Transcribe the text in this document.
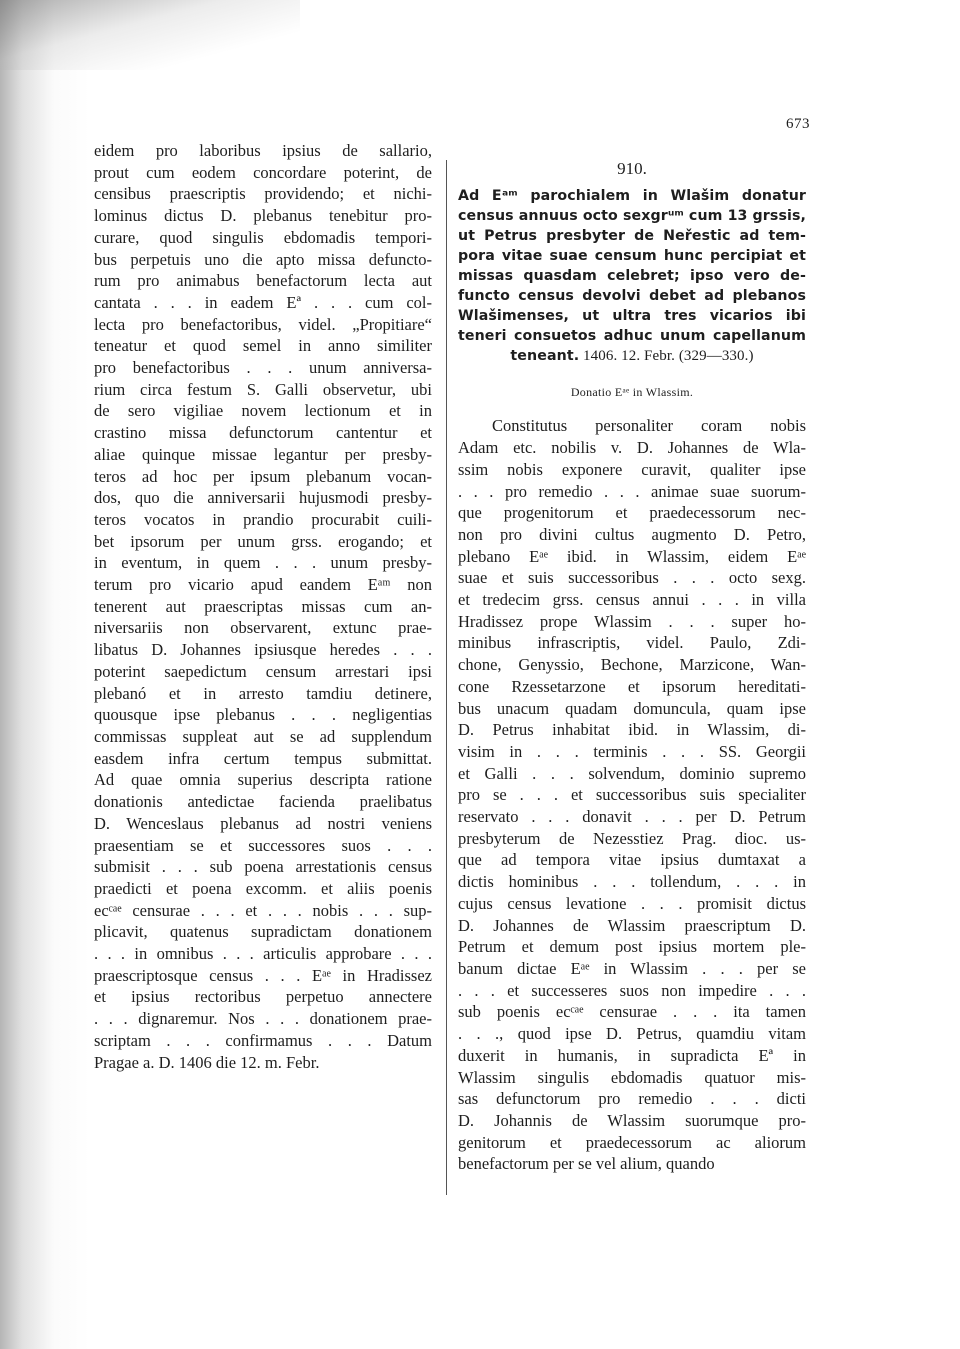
673

eidem pro laboribus ipsius de sallario,
prout cum eodem concordare poterint, de
censibus praescriptis providendo; et nichi-
lominus dictus D. plebanus tenebitur pro-
curare, quod singulis ebdomadis tempori-
bus perpetuis uno die apto missa defuncto-
rum pro animabus benefactorum lecta aut
cantata . . . in eadem Eª . . . cum col-
lecta pro benefactoribus, videl. „Propitiare“
teneatur et quod semel in anno similiter
pro benefactoribus . . . unum anniversa-
rium circa festum S. Galli observetur, ubi
de sero vigiliae novem lectionum et in
crastino missa defunctorum cantentur et
aliae quinque missae legantur per presby-
teros ad hoc per ipsum plebanum vocan-
dos, quo die anniversarii hujusmodi presby-
teros vocatos in prandio procurabit cuili-
bet ipsorum per unum grss. erogando; et
in eventum, in quem . . . unum presby-
terum pro vicario apud eandem Eᵃᵐ non
tenerent aut praescriptas missas cum an-
niversariis non observarent, extunc prae-
libatus D. Johannes ipsiusque heredes . . .
poterint saepedictum censum arrestari ipsi
plebanó et in arresto tamdiu detinere,
quousque ipse plebanus . . . negligentias
commissas suppleat aut se ad supplendum
easdem infra certum tempus submittat.
Ad quae omnia superius descripta ratione
donationis antedictae facienda praelibatus
D. Wenceslaus plebanus ad nostri veniens
praesentiam se et successores suos . . .
submisit . . . sub poena arrestationis census
praedicti et poena excomm. et aliis poenis
ecᶜᵃᵉ censurae . . . et . . . nobis . . . sup-
plicavit, quatenus supradictam donationem
. . . in omnibus . . . articulis approbare . . .
praescriptosque census . . . Eᵃᵉ in Hradissez
et ipsius rectoribus perpetuo annectere
. . . dignaremur. Nos . . . donationem prae-
scriptam . . . confirmamus . . . Datum
Pragae a. D. 1406 die 12. m. Febr.

910.
Ad Eᵃᵐ parochialem in Wlašim donatur
census annuus octo sexgrᵘᵐ cum 13 grssis,
ut Petrus presbyter de Neřestic ad tem-
pora vitae suae censum hunc percipiat et
missas quasdam celebret; ipso vero de-
functo census devolvi debet ad plebanos
Wlašimenses, ut ultra tres vicarios ibi
teneri consuetos adhuc unum capellanum
teneant. 1406. 12. Febr. (329—330.)
Donatio Eᵃᵉ in Wlassim.

Constitutus personaliter coram nobis
Adam etc. nobilis v. D. Johannes de Wla-
ssim nobis exponere curavit, qualiter ipse
. . . pro remedio . . . animae suae suorum-
que progenitorum et praedecessorum nec-
non pro divini cultus augmento D. Petro,
plebano Eᵃᵉ ibid. in Wlassim, eidem Eᵃᵉ
suae et suis successoribus . . . octo sexg.
et tredecim grss. census annui . . . in villa
Hradissez prope Wlassim . . . super ho-
minibus infrascriptis, videl. Paulo, Zdi-
chone, Genyssio, Bechone, Marzicone, Wan-
cone Rzessetarzone et ipsorum hereditati-
bus unacum quadam domuncula, quam ipse
D. Petrus inhabitat ibid. in Wlassim, di-
visim in . . . terminis . . . SS. Georgii
et Galli . . . solvendum, dominio supremo
pro se . . . et successoribus suis specialiter
reservato . . . donavit . . . per D. Petrum
presbyterum de Nezesstiez Prag. dioc. us-
que ad tempora vitae ipsius dumtaxat a
dictis hominibus . . . tollendum, . . . in
cujus census levatione . . . promisit dictus
D. Johannes de Wlassim praescriptum D.
Petrum et demum post ipsius mortem ple-
banum dictae Eᵃᵉ in Wlassim . . . per se
. . . et successeres suos non impedire . . .
sub poenis ecᶜᵃᵉ censurae . . . ita tamen
. . ., quod ipse D. Petrus, quamdiu vitam
duxerit in humanis, in supradicta Eª in
Wlassim singulis ebdomadis quatuor mis-
sas defunctorum pro remedio . . . dicti
D. Johannis de Wlassim suorumque pro-
genitorum et praedecessorum ac aliorum
benefactorum per se vel alium, quando
